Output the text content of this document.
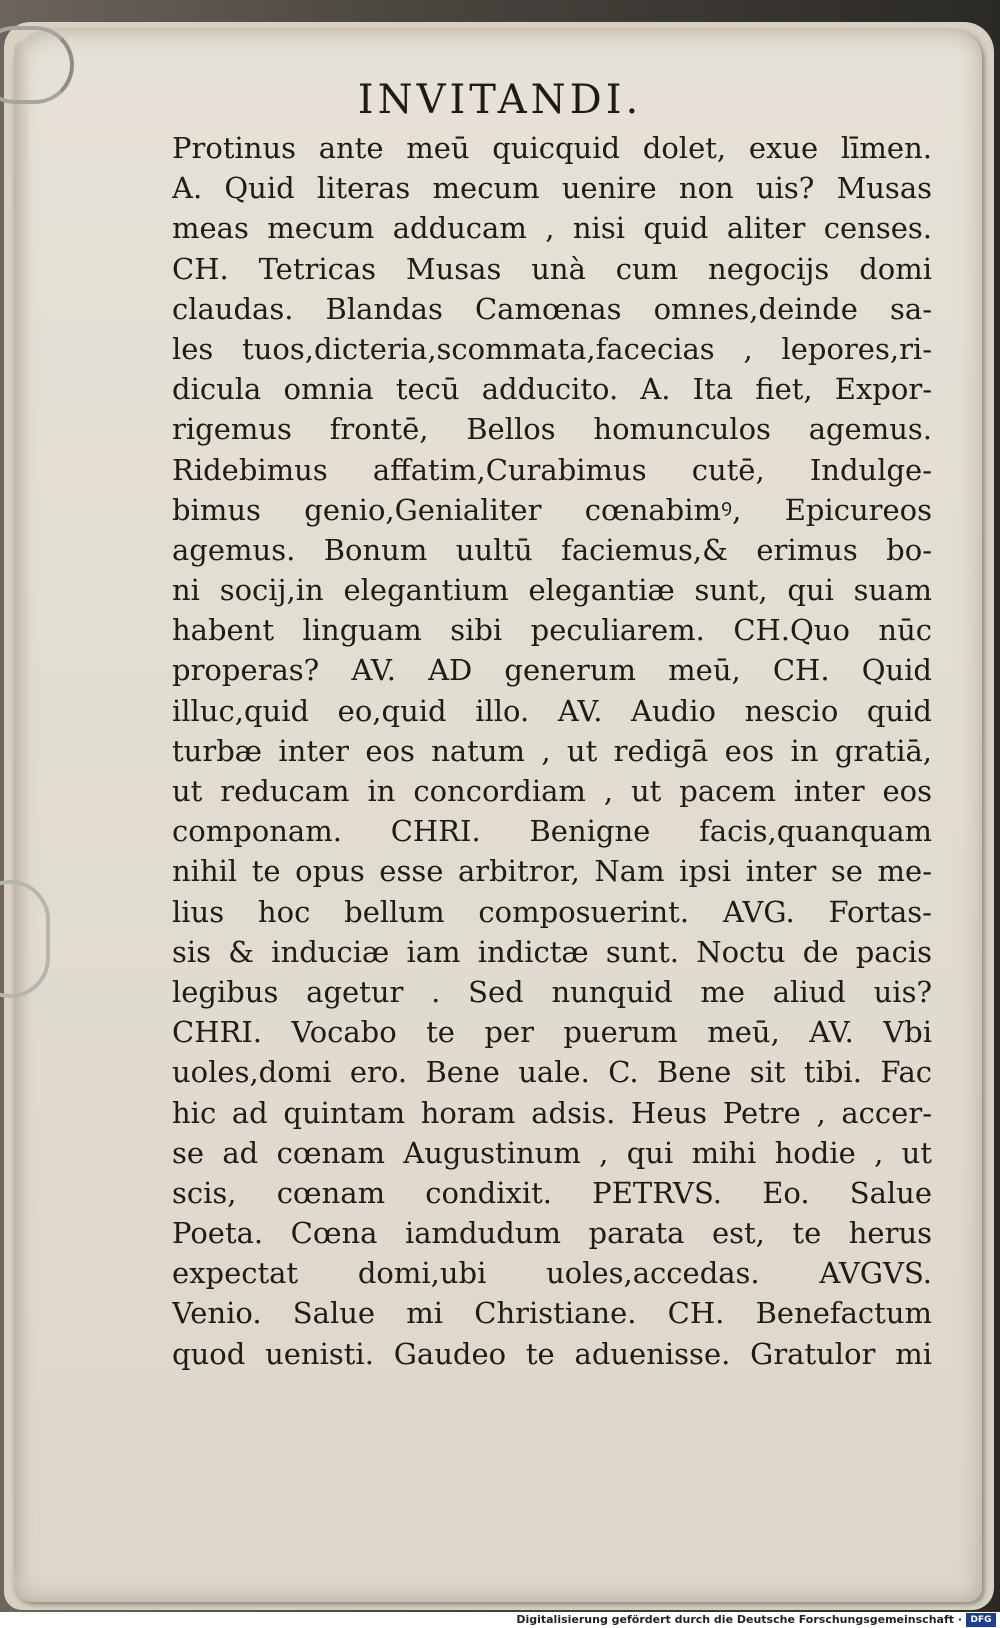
INVITANDI.
Protinus ante meū quicquid dolet, exue līmen.
A. Quid literas mecum uenire non uis? Musas
meas mecum adducam , nisi quid aliter censes.
CH. Tetricas Musas unà cum negocijs domi
claudas. Blandas Camœnas omnes,deinde sa-
les tuos,dicteria,scommata,facecias , lepores,ri-
dicula omnia tecū adducito. A. Ita fiet, Expor-
rigemus frontē, Bellos homunculos agemus.
Ridebimus affatim,Curabimus cutē, Indulge-
bimus genio,Genialiter cœnabimꝰ, Epicureos
agemus. Bonum uultū faciemus,& erimus bo-
ni socij,in elegantium elegantiæ sunt, qui suam
habent linguam sibi peculiarem. CH.Quo nūc
properas? AV. AD generum meū, CH. Quid
illuc,quid eo,quid illo. AV. Audio nescio quid
turbæ inter eos natum , ut redigā eos in gratiā,
ut reducam in concordiam , ut pacem inter eos
componam. CHRI. Benigne facis,quanquam
nihil te opus esse arbitror, Nam ipsi inter se me-
lius hoc bellum composuerint. AVG. Fortas-
sis & induciæ iam indictæ sunt. Noctu de pacis
legibus agetur . Sed nunquid me aliud uis?
CHRI. Vocabo te per puerum meū, AV. Vbi
uoles,domi ero. Bene uale. C. Bene sit tibi. Fac
hic ad quintam horam adsis. Heus Petre , accer-
se ad cœnam Augustinum , qui mihi hodie , ut
scis, cœnam condixit. PETRVS. Eo. Salue
Poeta. Cœna iamdudum parata est, te herus
expectat domi,ubi uoles,accedas. AVGVS.
Venio. Salue mi Christiane. CH. Benefactum
quod uenisti. Gaudeo te aduenisse. Gratulor mi
Digitalisierung gefördert durch die Deutsche Forschungsgemeinschaft · DFG
